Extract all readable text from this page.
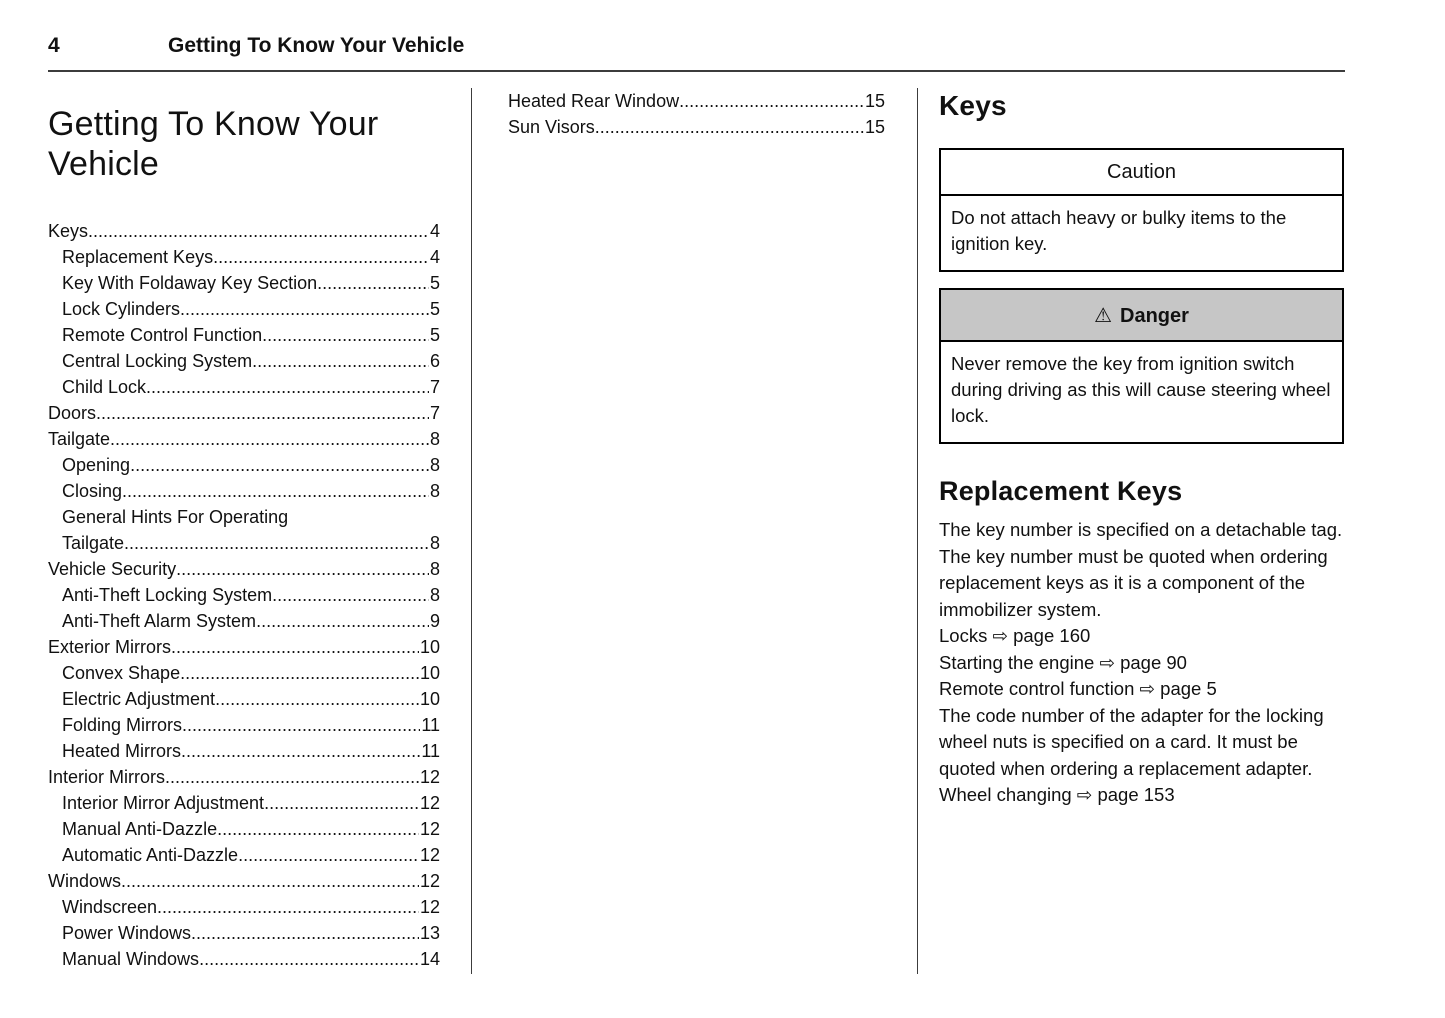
4	Getting To Know Your Vehicle
Getting To Know Your Vehicle
Keys .....	4
Replacement Keys .....	4
Key With Foldaway Key Section .....	5
Lock Cylinders .....	5
Remote Control Function .....	5
Central Locking System .....	6
Child Lock .....	7
Doors .....	7
Tailgate .....	8
Opening .....	8
Closing .....	8
General Hints For Operating
Tailgate .....	8
Vehicle Security .....	8
Anti-Theft Locking System .....	8
Anti-Theft Alarm System .....	9
Exterior Mirrors .....	10
Convex Shape .....	10
Electric Adjustment .....	10
Folding Mirrors .....	11
Heated Mirrors .....	11
Interior Mirrors .....	12
Interior Mirror Adjustment .....	12
Manual Anti-Dazzle .....	12
Automatic Anti-Dazzle .....	12
Windows .....	12
Windscreen .....	12
Power Windows .....	13
Manual Windows .....	14
Heated Rear Window .....	15
Sun Visors .....	15
Keys
Caution
Do not attach heavy or bulky items to the ignition key.
⚠ Danger
Never remove the key from ignition switch during driving as this will cause steering wheel lock.
Replacement Keys

The key number is specified on a detachable tag.

The key number must be quoted when ordering replacement keys as it is a component of the immobilizer system.

Locks ⇨ page 160

Starting the engine ⇨ page 90

Remote control function ⇨ page 5

The code number of the adapter for the locking wheel nuts is specified on a card. It must be quoted when ordering a replacement adapter.

Wheel changing ⇨ page 153
